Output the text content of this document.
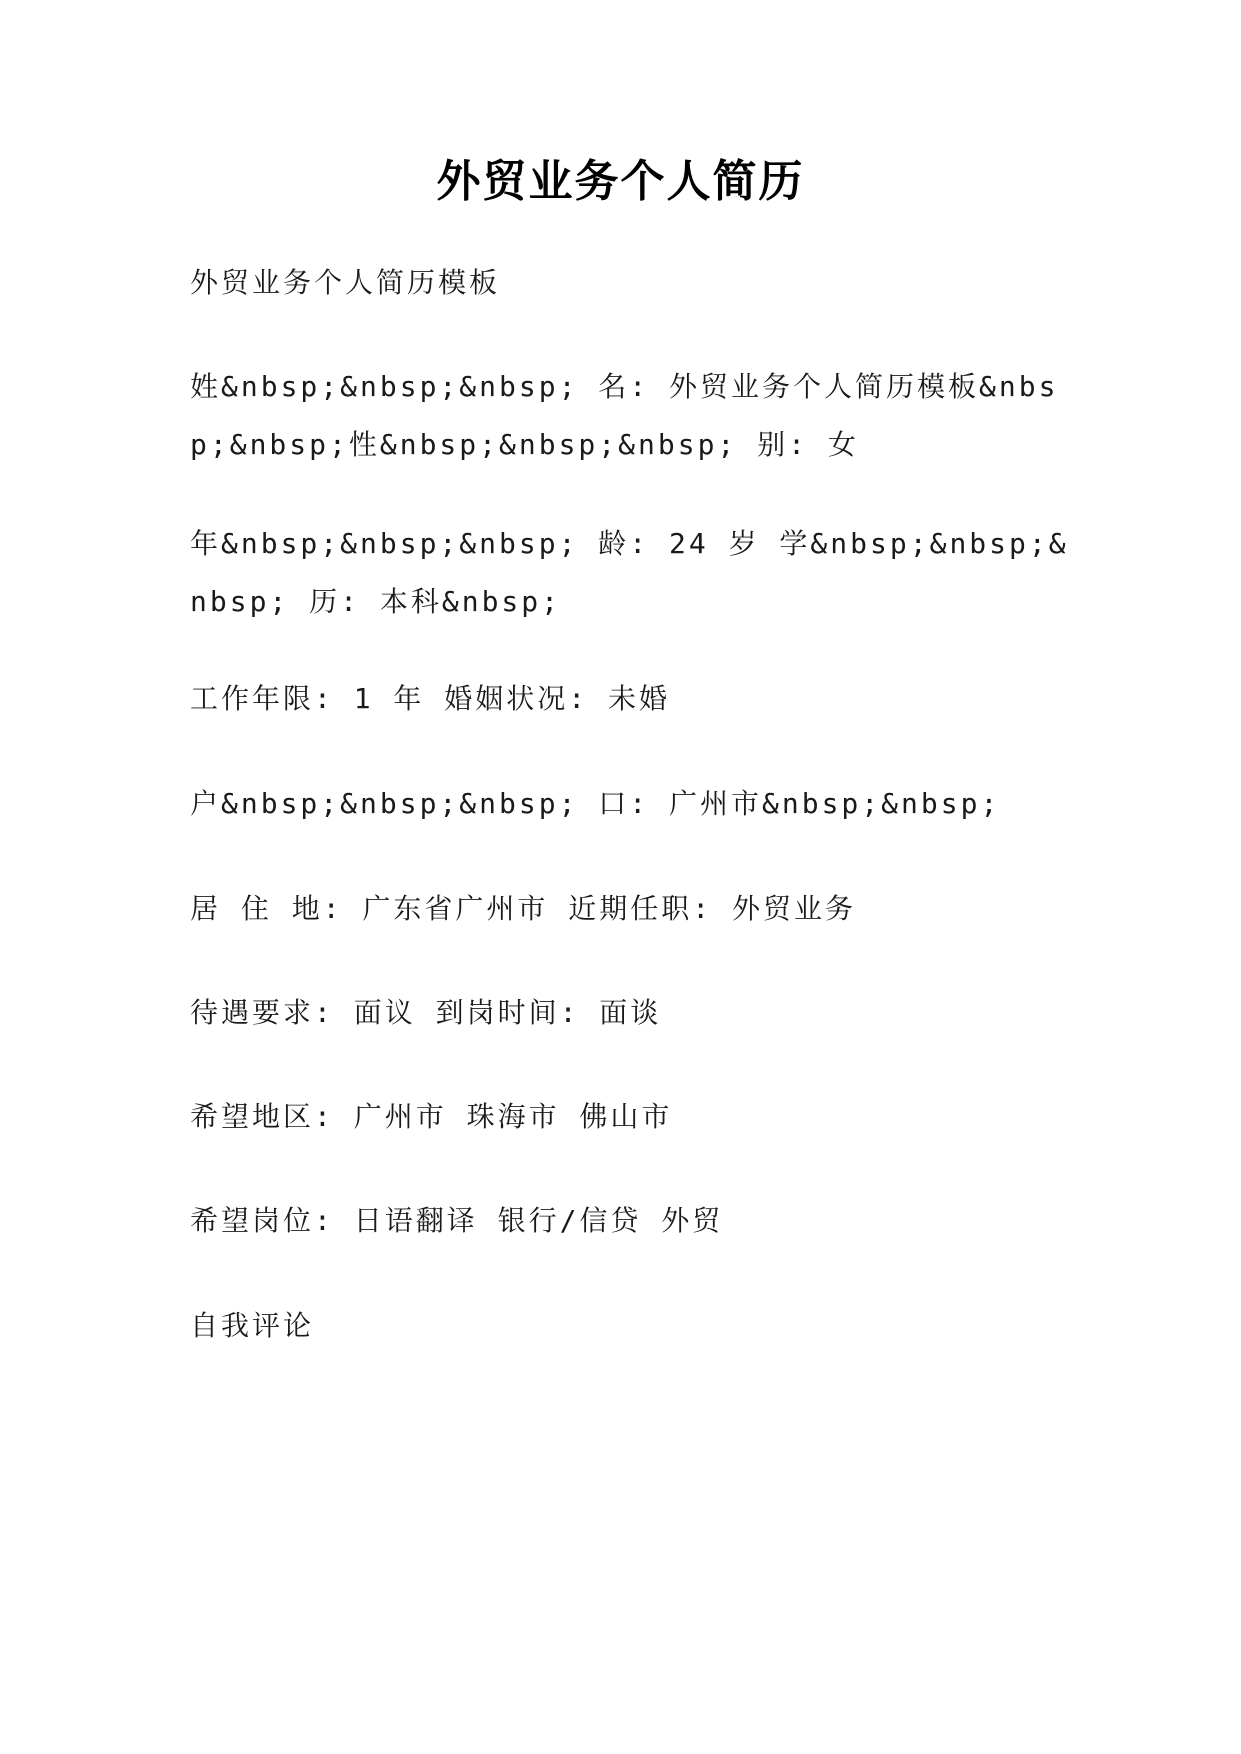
外贸业务个人简历
外贸业务个人简历模板
姓&nbsp;&nbsp;&nbsp; 名: 外贸业务个人简历模板&nbsp;&nbsp;性&nbsp;&nbsp;&nbsp; 别: 女
年&nbsp;&nbsp;&nbsp; 龄: 24 岁 学&nbsp;&nbsp;&nbsp; 历: 本科&nbsp;
工作年限: 1 年 婚姻状况: 未婚
户&nbsp;&nbsp;&nbsp; 口: 广州市&nbsp;&nbsp;
居 住 地: 广东省广州市 近期任职: 外贸业务
待遇要求: 面议 到岗时间: 面谈
希望地区: 广州市 珠海市 佛山市
希望岗位: 日语翻译 银行/信贷 外贸
自我评论
